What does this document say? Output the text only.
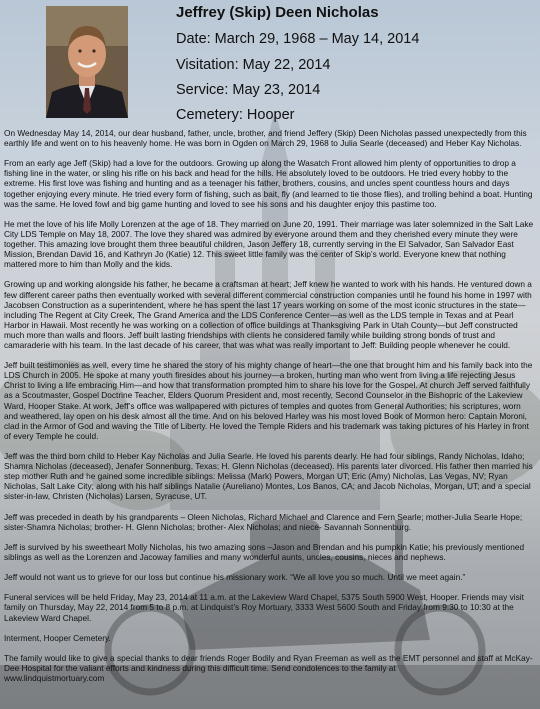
Jeffrey (Skip) Deen Nicholas
Date: March 29, 1968 – May 14, 2014
Visitation: May 22, 2014
Service: May 23, 2014
Cemetery: Hooper

On Wednesday May 14, 2014, our dear husband, father, uncle, brother, and friend Jeffery (Skip) Deen Nicholas passed unexpectedly from this earthly life and went on to his heavenly home. He was born in Ogden on March 29, 1968 to Julia Searle (deceased) and Heber Kay Nicholas.

From an early age Jeff (Skip) had a love for the outdoors. Growing up along the Wasatch Front allowed him plenty of opportunities to drop a fishing line in the water, or sling his rifle on his back and head for the hills. He absolutely loved to be outdoors. He tried every hobby to the extreme. His first love was fishing and hunting and as a teenager his father, brothers, cousins, and uncles spent countless hours and days together enjoying every minute. He tried every form of fishing, such as bait, fly (and learned to tie those flies), and trolling behind a boat. Hunting was the same. He loved fowl and big game hunting and loved to see his sons and his daughter enjoy this pastime too.

He met the love of his life Molly Lorenzen at the age of 18. They married on June 20, 1991. Their marriage was later solemnized in the Salt Lake City LDS Temple on May 18, 2007. The love they shared was admired by everyone around them and they cherished every minute they were together. This amazing love brought them three beautiful children, Jason Jeffery 18, currently serving in the El Salvador, San Salvador East Mission, Brendan David 16, and Kathryn Jo (Katie) 12. This sweet little family was the center of Skip’s world. Everyone knew that nothing mattered more to him than Molly and the kids.

Growing up and working alongside his father, he became a craftsman at heart; Jeff knew he wanted to work with his hands. He ventured down a few different career paths then eventually worked with several different commercial construction companies until he found his home in 1997 with Jacobsen Construction as a superintendent, where he has spent the last 17 years working on some of the most iconic structures in the state—including The Regent at City Creek, The Grand America and the LDS Conference Center—as well as the LDS temple in Texas and at Pearl Harbor in Hawaii. Most recently he was working on a collection of office buildings at Thanksgiving Park in Utah County—but Jeff constructed much more than walls and floors. Jeff built lasting friendships with clients he considered family while building strong bonds of trust and camaraderie with his team. In the last decade of his career, that was what was really important to Jeff: Building people whenever he could.

Jeff built testimonies as well, every time he shared the story of his mighty change of heart—the one that brought him and his family back into the LDS Church in 2005. He spoke at many youth firesides about his journey—a broken, hurting man who went from living a life rejecting Jesus Christ to living a life embracing Him—and how that transformation prompted him to share his love for the Gospel. At church Jeff served faithfully as a Scoutmaster, Gospel Doctrine Teacher, Elders Quorum President and, most recently, Second Counselor in the Bishopric of the Lakeview Ward, Hooper Stake. At work, Jeff’s office was wallpapered with pictures of temples and quotes from General Authorities; his scriptures, worn and weathered, lay open on his desk almost all the time. And on his beloved Harley was his most loved Book of Mormon hero: Captain Moroni, clad in the Armor of God and waving the Title of Liberty. He loved the Temple Riders and his trademark was taking pictures of his Harley in front of every Temple he could.

Jeff was the third born child to Heber Kay Nicholas and Julia Searle. He loved his parents dearly. He had four siblings, Randy Nicholas, Idaho; Shamra Nicholas (deceased), Jenafer Sonnenburg, Texas; H. Glenn Nicholas (deceased). His parents later divorced. His father then married his step mother Ruth and he gained some incredible siblings: Melissa (Mark) Powers, Morgan UT; Eric (Amy) Nicholas, Las Vegas, NV; Ryan Nicholas, Salt Lake City; along with his half siblings Natalie (Aureliano) Montes, Los Banos, CA; and Jacob Nicholas, Morgan, UT; and a special sister-in-law, Christen (Nicholas) Larsen, Syracuse, UT.

Jeff was preceded in death by his grandparents – Oleen Nicholas, Richard Michael and Clarence and Fern Searle; mother-Julia Searle Hope; sister-Shamra Nicholas; brother- H. Glenn Nicholas; brother- Alex Nicholas; and niece- Savannah Sonnenburg.

Jeff is survived by his sweetheart Molly Nicholas, his two amazing sons –Jason and Brendan and his pumpkin Katie; his previously mentioned siblings as well as the Lorenzen and Jacoway families and many wonderful aunts, uncles, cousins, nieces and nephews.

Jeff would not want us to grieve for our loss but continue his missionary work. “We all love you so much. Until we meet again.”

Funeral services will be held Friday, May 23, 2014 at 11 a.m. at the Lakeview Ward Chapel, 5375 South 5900 West, Hooper. Friends may visit family on Thursday, May 22, 2014 from 5 to 8 p.m. at Lindquist’s Roy Mortuary, 3333 West 5600 South and Friday from 9:30 to 10:30 at the Lakeview Ward Chapel.

Interment, Hooper Cemetery.

The family would like to give a special thanks to dear friends Roger Bodily and Ryan Freeman as well as the EMT personnel and staff at McKay-Dee Hospital for the valiant efforts and kindness during this difficult time. Send condolences to the family at
www.lindquistmortuary.com
